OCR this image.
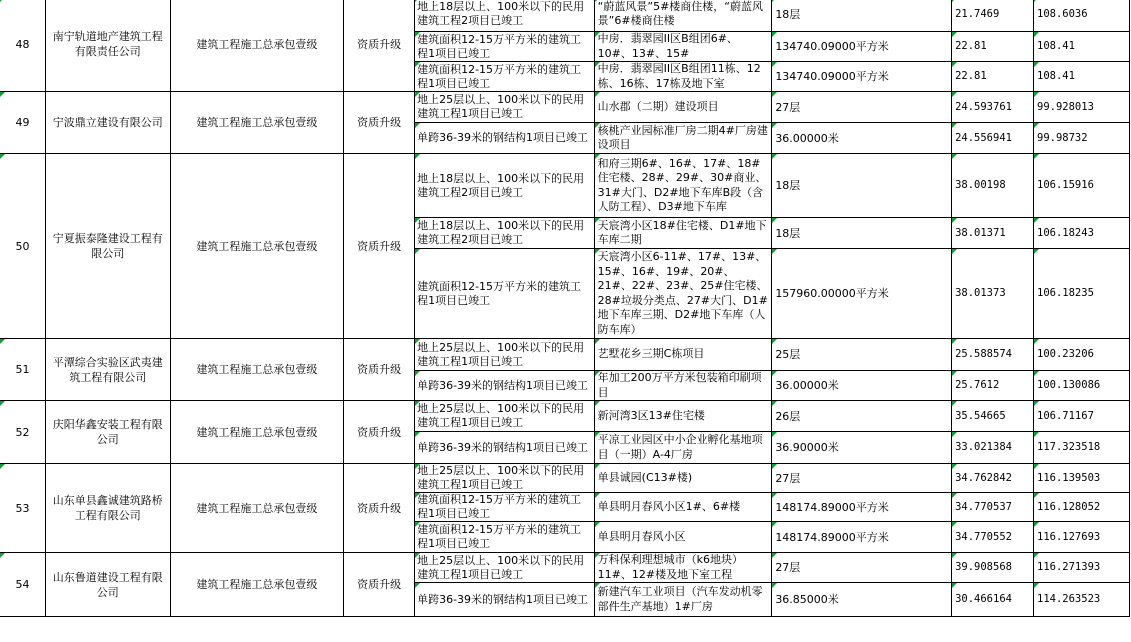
48	南宁轨道地产建筑工程有限责任公司	建筑工程施工总承包壹级	资质升级	地上18层以上、100米以下的民用建筑工程2项目已竣工	“蔚蓝风景”5#楼商住楼，“蔚蓝风景”6#楼商住楼	18层	21.7469	108.6036
				建筑面积12-15万平方米的建筑工程1项目已竣工	中房．翡翠园II区B组团6#、10#、13#、15#	134740.09000平方米	22.81	108.41
				建筑面积12-15万平方米的建筑工程1项目已竣工	中房．翡翠园II区B组团11栋、12栋、16栋、17栋及地下室	134740.09000平方米	22.81	108.41
49	宁波鼎立建设有限公司	建筑工程施工总承包壹级	资质升级	地上25层以上、100米以下的民用建筑工程1项目已竣工	山水郡（二期）建设项目	27层	24.593761	99.928013
				单跨36-39米的钢结构1项目已竣工	核桃产业园标准厂房二期4#厂房建设项目	36.00000米	24.556941	99.98732
50	宁夏振泰隆建设工程有限公司	建筑工程施工总承包壹级	资质升级	地上18层以上、100米以下的民用建筑工程2项目已竣工	和府三期6#、16#、17#、18#住宅楼、28#、29#、30#商业、31#大门、D2#地下车库B段（含人防工程）、D3#地下车库	18层	38.00198	106.15916
				地上18层以上、100米以下的民用建筑工程2项目已竣工	天宸湾小区18#住宅楼、D1#地下车库二期	18层	38.01371	106.18243
				建筑面积12-15万平方米的建筑工程1项目已竣工	天宸湾小区6-11#、17#、13#、15#、16#、19#、20#、21#、22#、23#、25#住宅楼、28#垃圾分类点、27#大门、D1#地下车库三期、D2#地下车库（人防车库）	157960.00000平方米	38.01373	106.18235
51	平潭综合实验区武夷建筑工程有限公司	建筑工程施工总承包壹级	资质升级	地上25层以上、100米以下的民用建筑工程1项目已竣工	艺墅花乡三期C栋项目	25层	25.588574	100.23206
				单跨36-39米的钢结构1项目已竣工	年加工200万平方米包装箱印刷项目	36.00000米	25.7612	100.130086
52	庆阳华鑫安装工程有限公司	建筑工程施工总承包壹级	资质升级	地上25层以上、100米以下的民用建筑工程1项目已竣工	新河湾3区13#住宅楼	26层	35.54665	106.71167
				单跨36-39米的钢结构1项目已竣工	平凉工业园区中小企业孵化基地项目（一期）A-4厂房	36.90000米	33.021384	117.323518
53	山东单县鑫诚建筑路桥工程有限公司	建筑工程施工总承包壹级	资质升级	地上25层以上、100米以下的民用建筑工程1项目已竣工	单县诚园(C13#楼)	27层	34.762842	116.139503
				建筑面积12-15万平方米的建筑工程1项目已竣工	单县明月春风小区1#、6#楼	148174.89000平方米	34.770537	116.128052
				建筑面积12-15万平方米的建筑工程1项目已竣工	单县明月春风小区	148174.89000平方米	34.770552	116.127693
54	山东鲁道建设工程有限公司	建筑工程施工总承包壹级	资质升级	地上25层以上、100米以下的民用建筑工程1项目已竣工	万科保利理想城市（k6地块）11#、12#楼及地下室工程	27层	39.908568	116.271393
				单跨36-39米的钢结构1项目已竣工	新建汽车工业项目（汽车发动机零部件生产基地）1#厂房	36.85000米	30.466164	114.263523
